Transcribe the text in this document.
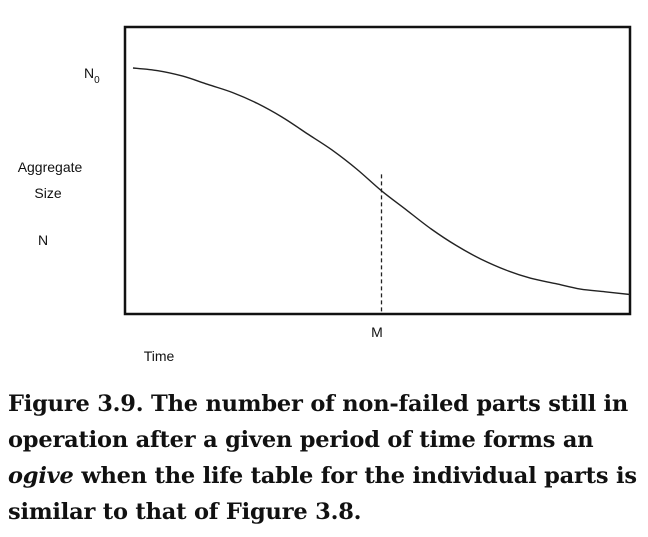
$N_0$
Aggregate
Size
N
M
Time
Figure 3.9. The number of non-failed parts still in operation after a given period of time forms an ogive when the life table for the individual parts is similar to that of Figure 3.8.
